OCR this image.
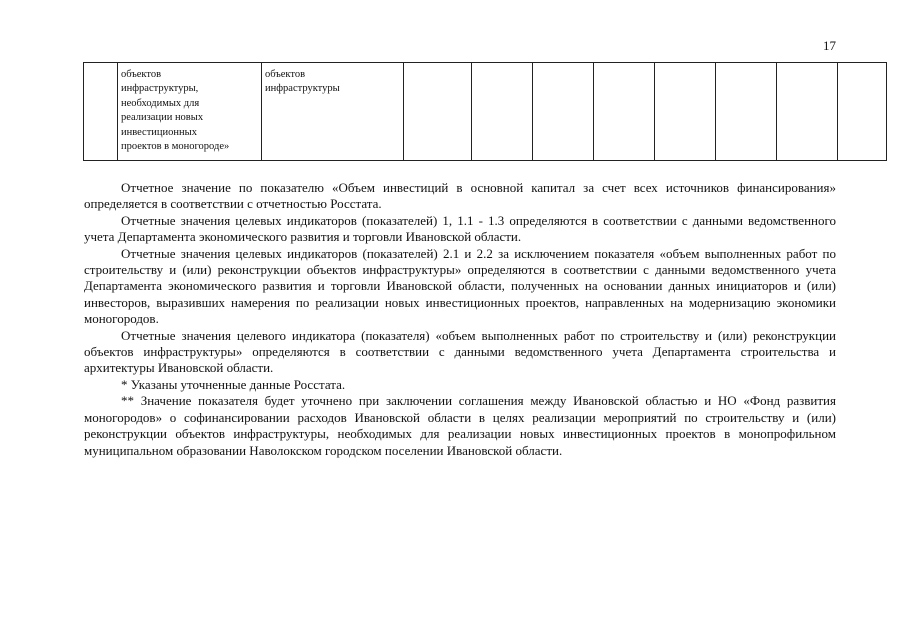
17
	объектов
инфраструктуры,
необходимых для
реализации новых
инвестиционных
проектов в моногороде»	объектов
инфраструктуры								

Отчетное значение по показателю «Объем инвестиций в основной капитал за счет всех источников финансирования» определяется в соответствии с отчетностью Росстата.

Отчетные значения целевых индикаторов (показателей) 1, 1.1 - 1.3 определяются в соответствии с данными ведомственного учета Департамента экономического развития и торговли Ивановской области.

Отчетные значения целевых индикаторов (показателей) 2.1 и 2.2 за исключением показателя «объем выполненных работ по строительству и (или) реконструкции объектов инфраструктуры» определяются в соответствии с данными ведомственного учета Департамента экономического развития и торговли Ивановской области, полученных на основании данных инициаторов и (или) инвесторов, выразивших намерения по реализации новых инвестиционных проектов, направленных на модернизацию экономики моногородов.

Отчетные значения целевого индикатора (показателя) «объем выполненных работ по строительству и (или) реконструкции объектов инфраструктуры» определяются в соответствии с данными ведомственного учета Департамента строительства и архитектуры Ивановской области.

* Указаны уточненные данные Росстата.

** Значение показателя будет уточнено при заключении соглашения между Ивановской областью и НО «Фонд развития моногородов» о софинансировании расходов Ивановской области в целях реализации мероприятий по строительству и (или) реконструкции объектов инфраструктуры, необходимых для реализации новых инвестиционных проектов в монопрофильном муниципальном образовании Наволокском городском поселении Ивановской области.
